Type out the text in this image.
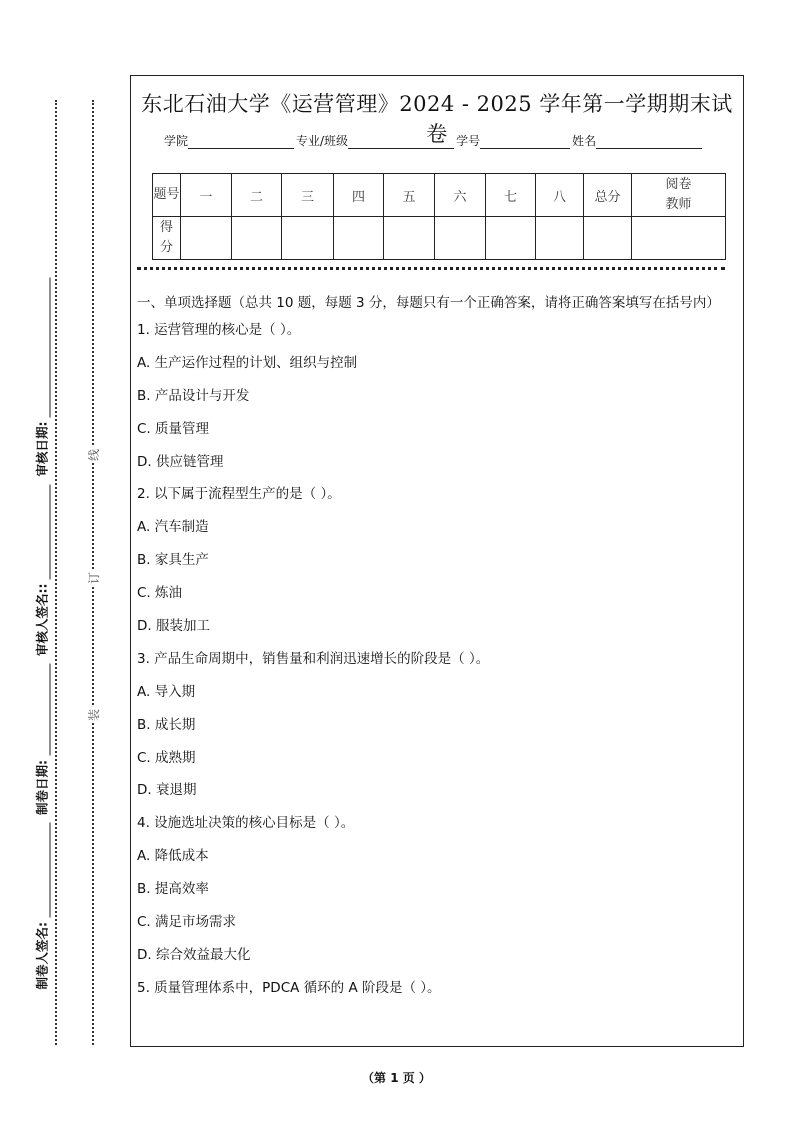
制卷人签名:
制卷日期:
审核人签名::
审核日期:	线
订
装
东北石油大学《运营管理》2024 - 2025 学年第一学期期末试卷
学院	专业/班级	学号	姓名
题号	一	二	三	四	五	六	七	八	总分	阅卷教师
得分										
一、单项选择题（总共 10 题，每题 3 分，每题只有一个正确答案，请将正确答案填写在括号内）
1. 运营管理的核心是（ ）。
A. 生产运作过程的计划、组织与控制
B. 产品设计与开发
C. 质量管理
D. 供应链管理
2. 以下属于流程型生产的是（ ）。
A. 汽车制造
B. 家具生产
C. 炼油
D. 服装加工
3. 产品生命周期中，销售量和利润迅速增长的阶段是（ ）。
A. 导入期
B. 成长期
C. 成熟期
D. 衰退期
4. 设施选址决策的核心目标是（ ）。
A. 降低成本
B. 提高效率
C. 满足市场需求
D. 综合效益最大化
5. 质量管理体系中，PDCA 循环的 A 阶段是（ ）。
（第 1 页 ）
